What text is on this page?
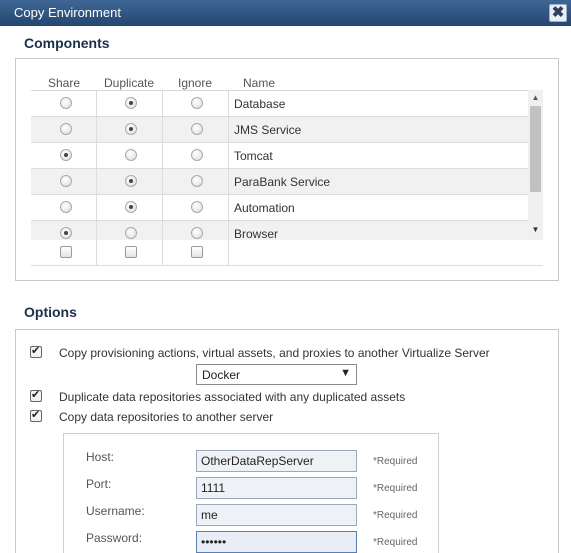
Copy Environment	✖
Components
Share Duplicate Ignore	Name
Database
JMS Service
Tomcat
ParaBank Service
Automation
Browser
▲
▼
Options
✔
Copy provisioning actions, virtual assets, and proxies to another Virtualize Server
Docker	▼
✔
Duplicate data repositories associated with any duplicated assets
✔
Copy data repositories to another server
Host:
OtherDataRepServer	*Required
Port:
1111	*Required
Username:
me	*Required
Password:
••••••	*Required
